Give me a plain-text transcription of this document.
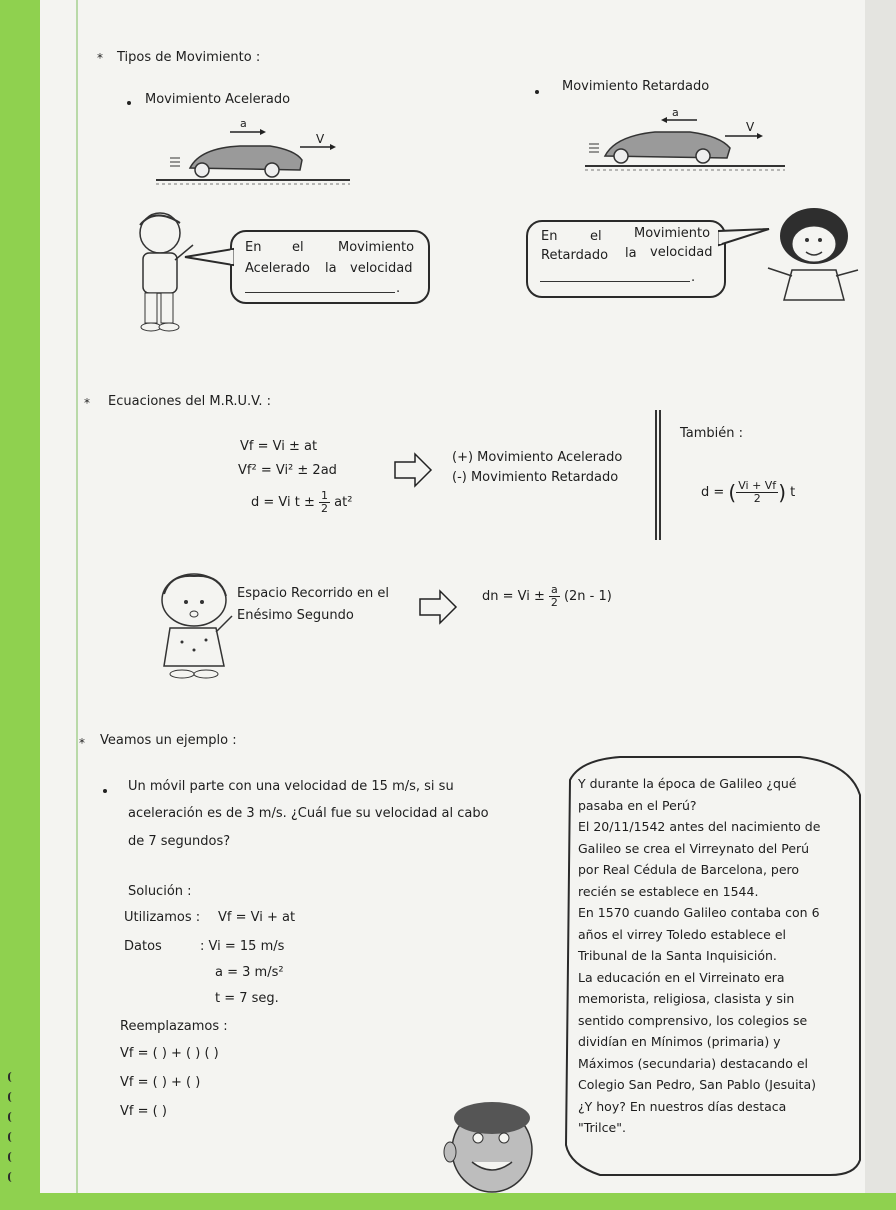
* Tipos de Movimiento :
Movimiento Acelerado
Movimiento Retardado
a
V
a
V
En el	Movimiento
Acelerado la velocidad
.
En	el Movimiento
Retardado la velocidad
.
* Ecuaciones del M.R.U.V. :
Vf = Vi ± at
Vf² = Vi² ± 2ad
d = Vi $t \pm \frac{1}{2} at^2$
(+) Movimiento Acelerado
(-) Movimiento Retardado
También :
d = ( $\frac{Vi + Vf}{2}$ ) t
Espacio Recorrido en el
Enésimo Segundo
dn = $Vi \pm \frac{a}{2} (2n - 1)$
* Veamos un ejemplo :
Un móvil parte con una velocidad de 15 m/s, si su
aceleración es de 3 m/s. ¿Cuál fue su velocidad al cabo
de 7 segundos?
Solución :
Utilizamos : Vf = Vi + at
Datos	: Vi = 15 m/s
a = 3 m/s²
t = 7 seg.
Reemplazamos :
Vf = ( ) + ( ) ( )
Vf = ( ) + ( )
Vf = ( )
Y durante la época de Galileo ¿qué
pasaba en el Perú?
El 20/11/1542 antes del nacimiento de
Galileo se crea el Virreynato del Perú
por Real Cédula de Barcelona, pero
recién se establece en 1544.
En 1570 cuando Galileo contaba con 6
años el virrey Toledo establece el
Tribunal de la Santa Inquisición.
La educación en el Virreinato era
memorista, religiosa, clasista y sin
sentido comprensivo, los colegios se
dividían en Mínimos (primaria) y
Máximos (secundaria) destacando el
Colegio San Pedro, San Pablo (Jesuita)
¿Y hoy? En nuestros días destaca
"Trilce".
